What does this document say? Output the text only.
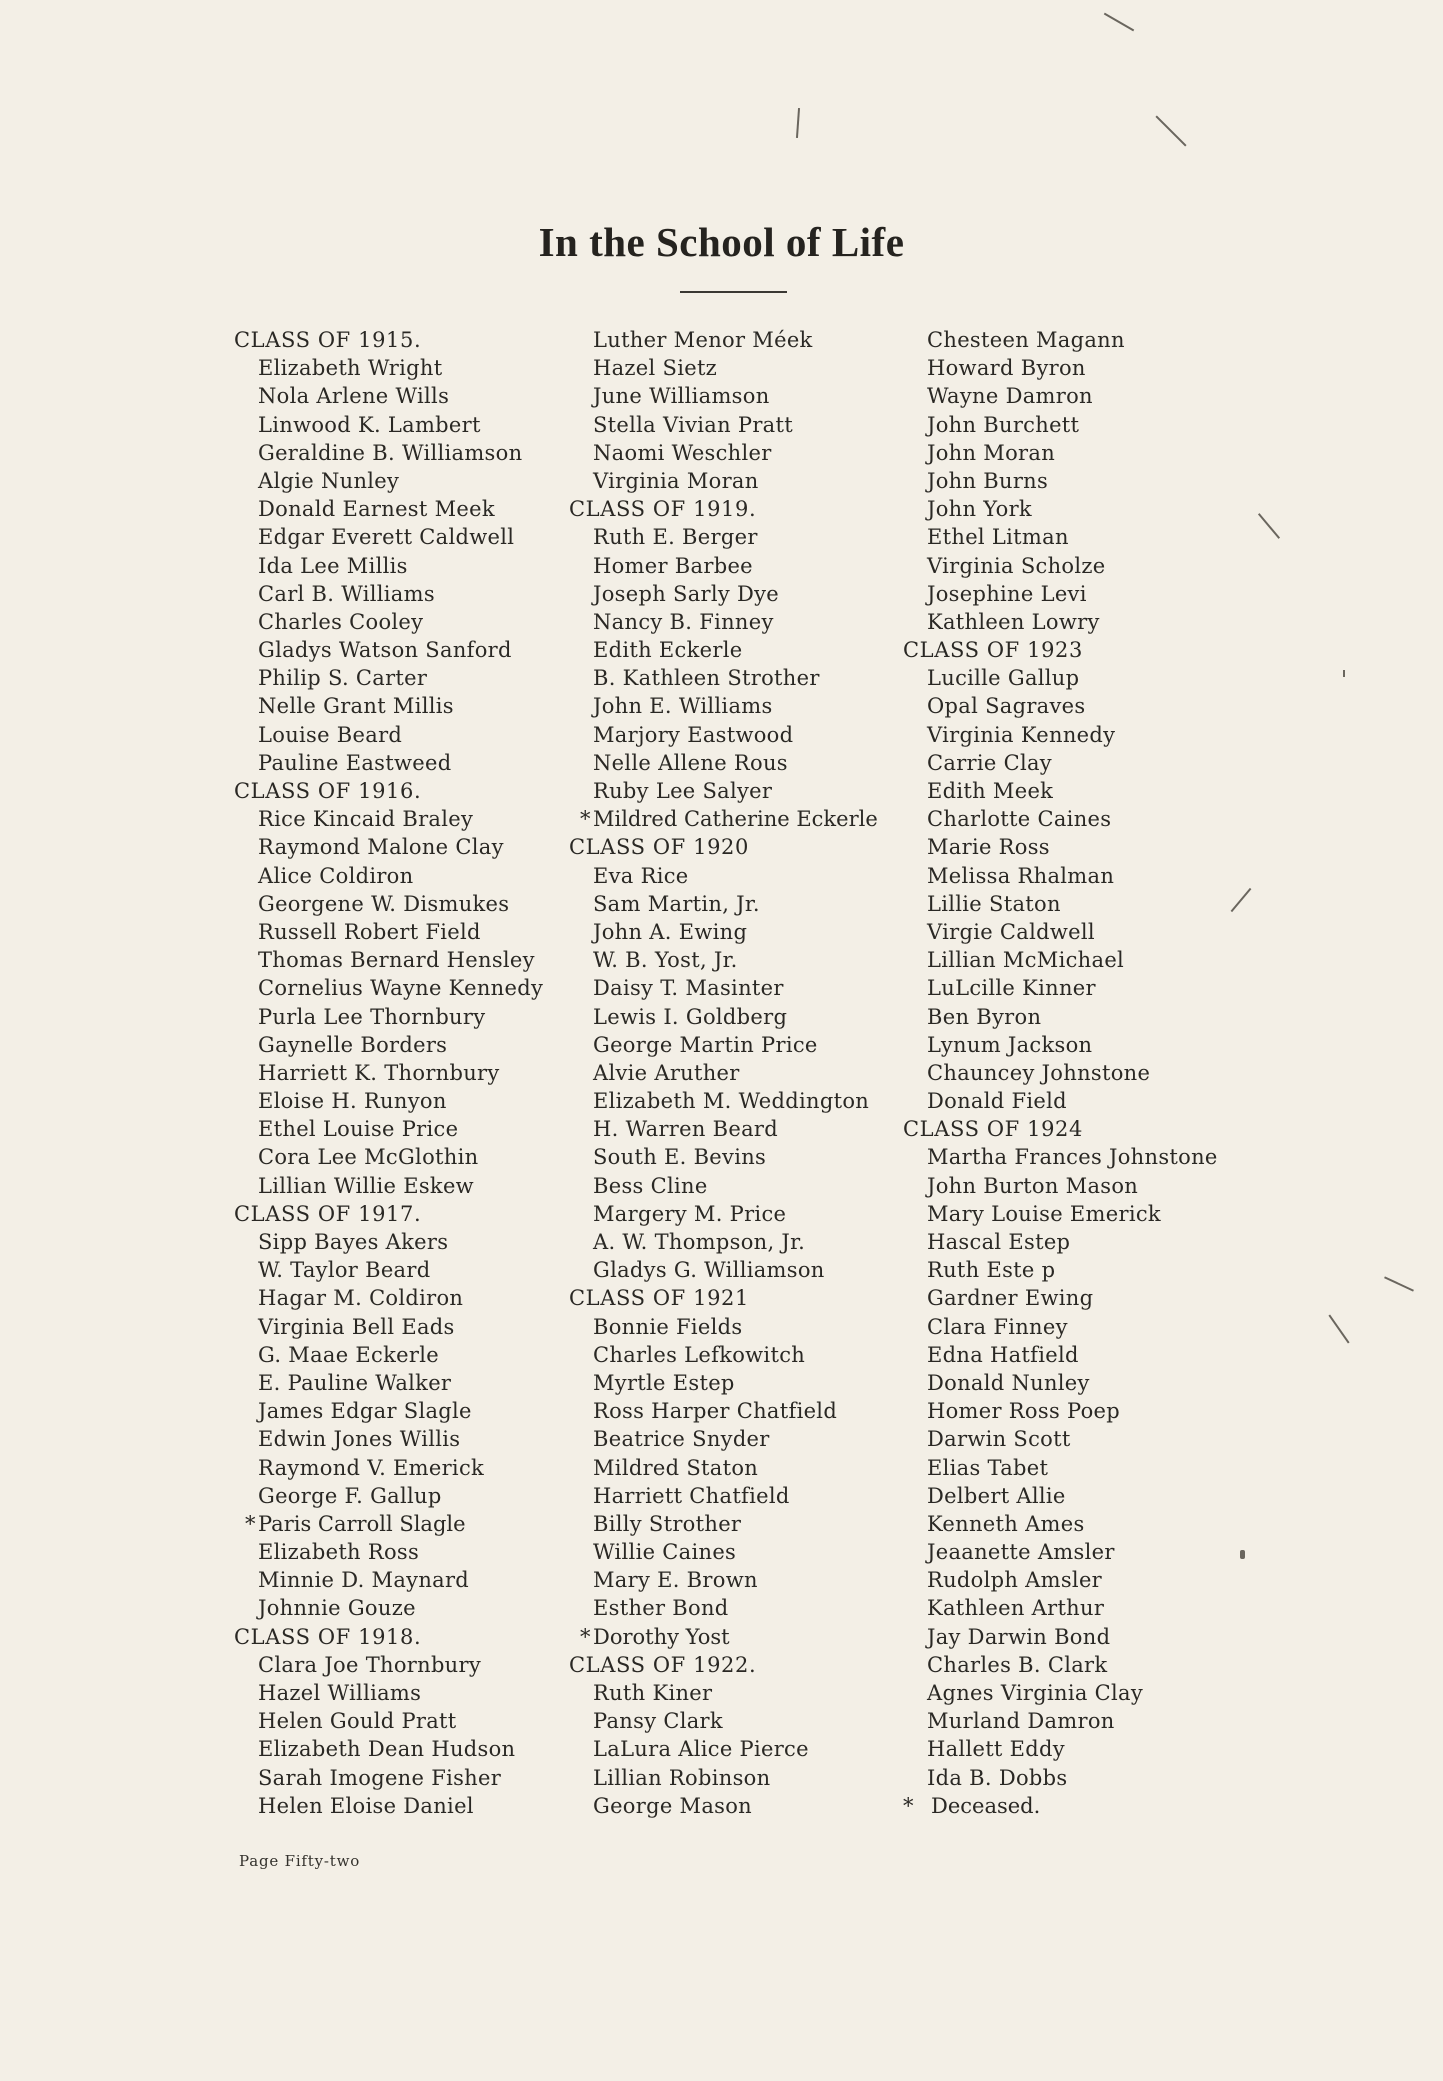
In the School of Life
CLASS OF 1915.
Elizabeth Wright
Nola Arlene Wills
Linwood K. Lambert
Geraldine B. Williamson
Algie Nunley
Donald Earnest Meek
Edgar Everett Caldwell
Ida Lee Millis
Carl B. Williams
Charles Cooley
Gladys Watson Sanford
Philip S. Carter
Nelle Grant Millis
Louise Beard
Pauline Eastweed
CLASS OF 1916.
Rice Kincaid Braley
Raymond Malone Clay
Alice Coldiron
Georgene W. Dismukes
Russell Robert Field
Thomas Bernard Hensley
Cornelius Wayne Kennedy
Purla Lee Thornbury
Gaynelle Borders
Harriett K. Thornbury
Eloise H. Runyon
Ethel Louise Price
Cora Lee McGlothin
Lillian Willie Eskew
CLASS OF 1917.
Sipp Bayes Akers
W. Taylor Beard
Hagar M. Coldiron
Virginia Bell Eads
G. Maae Eckerle
E. Pauline Walker
James Edgar Slagle
Edwin Jones Willis
Raymond V. Emerick
George F. Gallup
* Paris Carroll Slagle
Elizabeth Ross
Minnie D. Maynard
Johnnie Gouze
CLASS OF 1918.
Clara Joe Thornbury
Hazel Williams
Helen Gould Pratt
Elizabeth Dean Hudson
Sarah Imogene Fisher
Helen Eloise Daniel
Luther Menor Méek
Hazel Sietz
June Williamson
Stella Vivian Pratt
Naomi Weschler
Virginia Moran
CLASS OF 1919.
Ruth E. Berger
Homer Barbee
Joseph Sarly Dye
Nancy B. Finney
Edith Eckerle
B. Kathleen Strother
John E. Williams
Marjory Eastwood
Nelle Allene Rous
Ruby Lee Salyer
* Mildred Catherine Eckerle
CLASS OF 1920
Eva Rice
Sam Martin, Jr.
John A. Ewing
W. B. Yost, Jr.
Daisy T. Masinter
Lewis I. Goldberg
George Martin Price
Alvie Aruther
Elizabeth M. Weddington
H. Warren Beard
South E. Bevins
Bess Cline
Margery M. Price
A. W. Thompson, Jr.
Gladys G. Williamson
CLASS OF 1921
Bonnie Fields
Charles Lefkowitch
Myrtle Estep
Ross Harper Chatfield
Beatrice Snyder
Mildred Staton
Harriett Chatfield
Billy Strother
Willie Caines
Mary E. Brown
Esther Bond
* Dorothy Yost
CLASS OF 1922.
Ruth Kiner
Pansy Clark
LaLura Alice Pierce
Lillian Robinson
George Mason
Chesteen Magann
Howard Byron
Wayne Damron
John Burchett
John Moran
John Burns
John York
Ethel Litman
Virginia Scholze
Josephine Levi
Kathleen Lowry
CLASS OF 1923
Lucille Gallup
Opal Sagraves
Virginia Kennedy
Carrie Clay
Edith Meek
Charlotte Caines
Marie Ross
Melissa Rhalman
Lillie Staton
Virgie Caldwell
Lillian McMichael
LuLcille Kinner
Ben Byron
Lynum Jackson
Chauncey Johnstone
Donald Field
CLASS OF 1924
Martha Frances Johnstone
John Burton Mason
Mary Louise Emerick
Hascal Estep
Ruth Este p
Gardner Ewing
Clara Finney
Edna Hatfield
Donald Nunley
Homer Ross Poep
Darwin Scott
Elias Tabet
Delbert Allie
Kenneth Ames
Jeaanette Amsler
Rudolph Amsler
Kathleen Arthur
Jay Darwin Bond
Charles B. Clark
Agnes Virginia Clay
Murland Damron
Hallett Eddy
Ida B. Dobbs
* Deceased.
Page Fifty-two
